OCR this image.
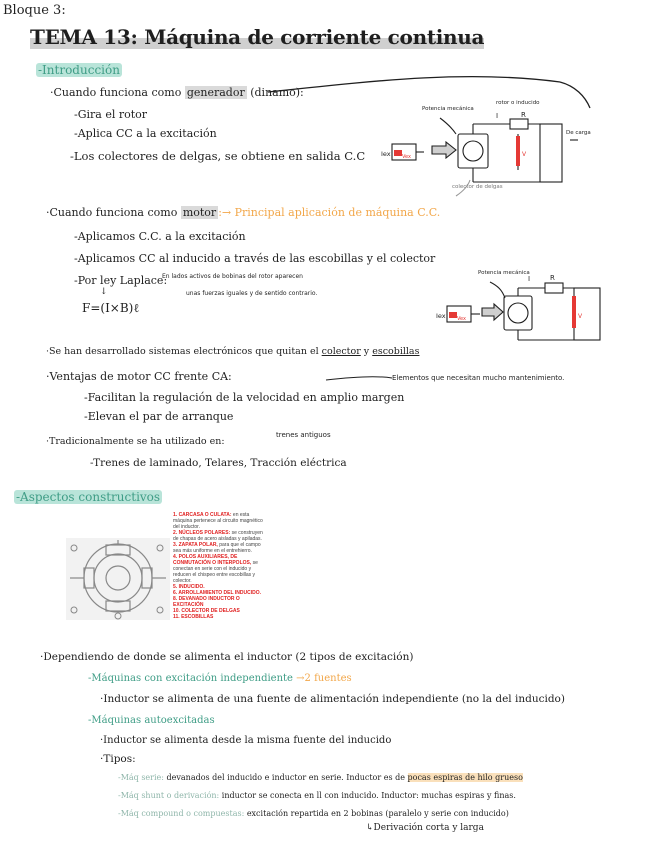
Bloque 3:
TEMA 13: Máquina de corriente continua
-Introducción
·Cuando funciona como generador (dinamo):
-Gira el rotor
-Aplica CC a la excitación
-Los colectores de delgas, se obtiene en salida C.C
Potencia mecánica
rotor o inducido
I	R
V
De carga
Iex Vex
colector de delgas
·Cuando funciona como motor :→ Principal aplicación de máquina C.C.
-Aplicamos C.C. a la excitación
-Aplicamos CC al inducido a través de las escobillas y el colector
-Por ley Laplace:
En lados activos de bobinas del rotor aparecen
unas fuerzas iguales y de sentido contrario.
↓
F=(I×B)ℓ
Potencia mecánica
I	R
V
Iex Vex
·Se han desarrollado sistemas electrónicos que quitan el colector y escobillas
Elementos que necesitan mucho mantenimiento.
·Ventajas de motor CC frente CA:
-Facilitan la regulación de la velocidad en amplio margen
-Elevan el par de arranque
·Tradicionalmente se ha utilizado en:
trenes antiguos
-Trenes de laminado, Telares, Tracción eléctrica
-Aspectos constructivos
1. CARCASA O CULATA: en esta máquina pertenece al circuito magnético del inductor.
2. NÚCLEOS POLARES: se construyen de chapas de acero aisladas y apiladas.
3. ZAPATA POLAR, para que el campo sea más uniforme en el entrehierro.
4. POLOS AUXILIARES, DE CONMUTACIÓN O INTERPOLOS, se conectan en serie con el inducido y reducen el chispeo entre escobillas y colector.
5. INDUCIDO.
6. ARROLLAMIENTO DEL INDUCIDO.
8. DEVANADO INDUCTOR O EXCITACIÓN
10. COLECTOR DE DELGAS
11. ESCOBILLAS
·Dependiendo de donde se alimenta el inductor (2 tipos de excitación)
-Máquinas con excitación independiente →2 fuentes
·Inductor se alimenta de una fuente de alimentación independiente (no la del inducido)
-Máquinas autoexcitadas
·Inductor se alimenta desde la misma fuente del inducido
·Tipos:
-Máq serie: devanados del inducido e inductor en serie. Inductor es de pocas espiras de hilo grueso
-Máq shunt o derivación: inductor se conecta en ll con inducido. Inductor: muchas espiras y finas.
-Máq compound o compuestas: excitación repartida en 2 bobinas (paralelo y serie con inducido)
↳Derivación corta y larga
